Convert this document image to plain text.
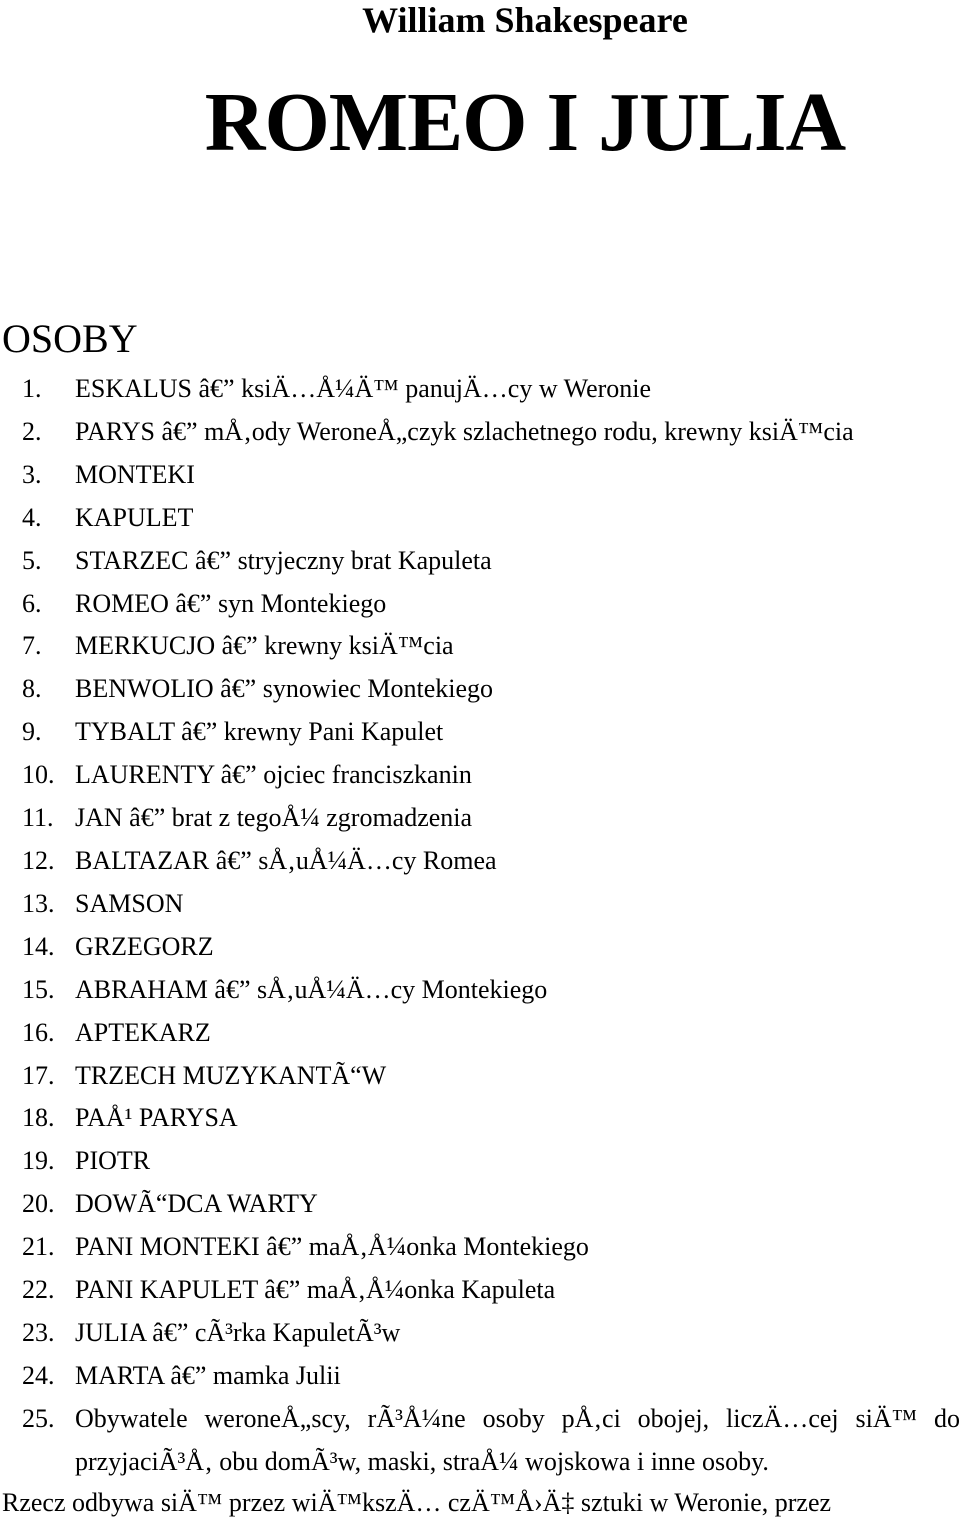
William Shakespeare
ROMEO I JULIA
OSOBY
1.	ESKALUS â€” ksiÄ…Å¼Ä™ panujÄ…cy w Weronie
2.	PARYS â€” mÅ‚ody WeroneÅ„czyk szlachetnego rodu, krewny ksiÄ™cia
3.	MONTEKI
4.	KAPULET
5.	STARZEC â€” stryjeczny brat Kapuleta
6.	ROMEO â€” syn Montekiego
7.	MERKUCJO â€” krewny ksiÄ™cia
8.	BENWOLIO â€” synowiec Montekiego
9.	TYBALT â€” krewny Pani Kapulet
10. LAURENTY â€” ojciec franciszkanin
11. JAN â€” brat z tegoÅ¼ zgromadzenia
12. BALTAZAR â€” sÅ‚uÅ¼Ä…cy Romea
13. SAMSON
14. GRZEGORZ
15. ABRAHAM â€” sÅ‚uÅ¼Ä…cy Montekiego
16. APTEKARZ
17. TRZECH MUZYKANTÃ“W
18. PAÅ¹ PARYSA
19. PIOTR
20. DOWÃ“DCA WARTY
21. PANI MONTEKI â€” maÅ‚Å¼onka Montekiego
22. PANI KAPULET â€” maÅ‚Å¼onka Kapuleta
23. JULIA â€” cÃ³rka KapuletÃ³w
24. MARTA â€” mamka Julii
25. Obywatele weroneÅ„scy, rÃ³Å¼ne osoby pÅ‚ci obojej, liczÄ…cej siÄ™ do przyjaciÃ³Å‚ obu domÃ³w, maski, straÅ¼ wojskowa i inne osoby.
Rzecz odbywa siÄ™ przez wiÄ™kszÄ… czÄ™Å›Ä‡ sztuki w Weronie, przez
